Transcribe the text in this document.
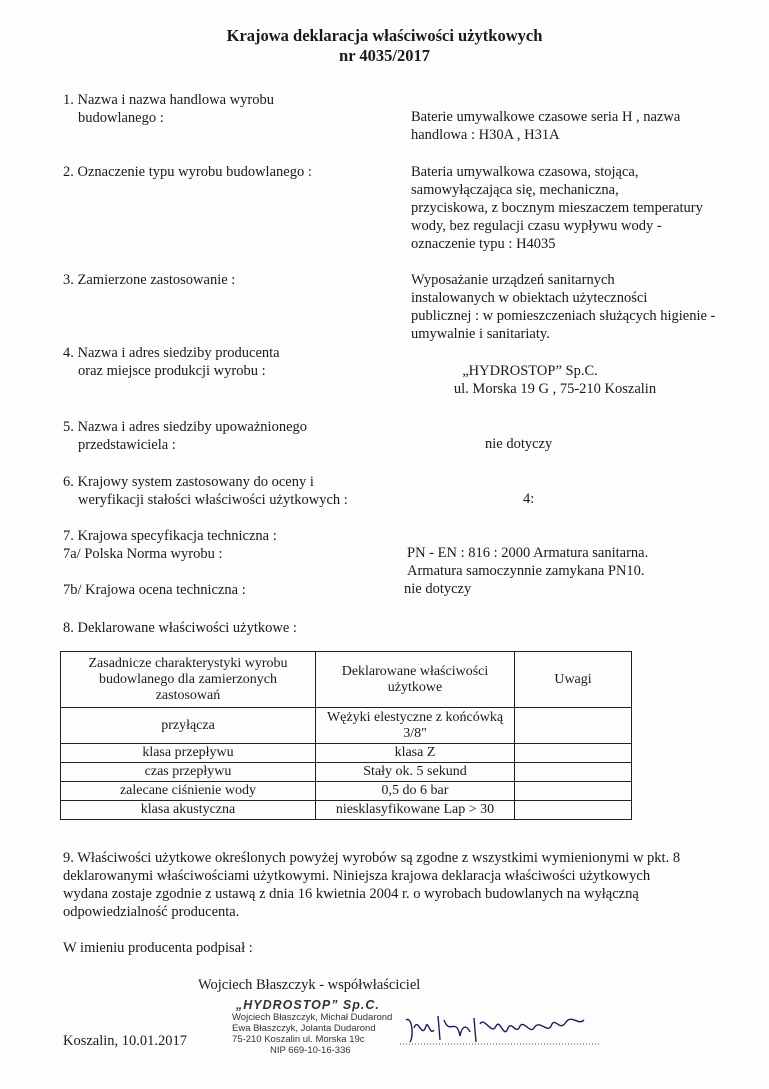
Krajowa deklaracja właściwości użytkowych
nr 4035/2017
1. Nazwa i nazwa handlowa wyrobu
budowlanego :	Baterie umywalkowe czasowe seria H , nazwa
handlowa : H30A , H31A
2. Oznaczenie typu wyrobu budowlanego :	Bateria umywalkowa czasowa, stojąca,
samowyłączająca się, mechaniczna,
przyciskowa, z bocznym mieszaczem temperatury
wody, bez regulacji czasu wypływu wody -
oznaczenie typu : H4035
3. Zamierzone zastosowanie :	Wyposażanie urządzeń sanitarnych
instalowanych w obiektach użyteczności
publicznej : w pomieszczeniach służących higienie -
umywalnie i sanitariaty.
4. Nazwa i adres siedziby producenta
oraz miejsce produkcji wyrobu :	„HYDROSTOP” Sp.C.
ul. Morska 19 G , 75-210 Koszalin
5. Nazwa i adres siedziby upoważnionego
przedstawiciela :	nie dotyczy
6. Krajowy system zastosowany do oceny i
weryfikacji stałości właściwości użytkowych :	4:
7. Krajowa specyfikacja techniczna :
7a/ Polska Norma wyrobu :	PN - EN : 816 : 2000 Armatura sanitarna.
Armatura samoczynnie zamykana PN10.
7b/ Krajowa ocena techniczna :	nie dotyczy
8. Deklarowane właściwości użytkowe :
Zasadnicze charakterystyki wyrobu budowlanego dla zamierzonych zastosowań	Deklarowane właściwości użytkowe	Uwagi
przyłącza	Wężyki elestyczne z końcówką 3/8"	
klasa przepływu	klasa Z	
czas przepływu	Stały ok. 5 sekund	
zalecane ciśnienie wody	0,5 do 6 bar	
klasa akustyczna	niesklasyfikowane Lap > 30	
9. Właściwości użytkowe określonych powyżej wyrobów są zgodne z wszystkimi wymienionymi w pkt. 8
deklarowanymi właściwościami użytkowymi. Niniejsza krajowa deklaracja właściwości użytkowych
wydana zostaje zgodnie z ustawą z dnia 16 kwietnia 2004 r. o wyrobach budowlanych na wyłączną
odpowiedzialność producenta.
W imieniu producenta podpisał :
Wojciech Błaszczyk - współwłaściciel
Koszalin, 10.01.2017
„HYDROSTOP” Sp.C.
Wojciech Błaszczyk, Michał Dudarond
Ewa Błaszczyk, Jolanta Dudarond
75-210 Koszalin ul. Morska 19c
NIP 669-10-16-336
